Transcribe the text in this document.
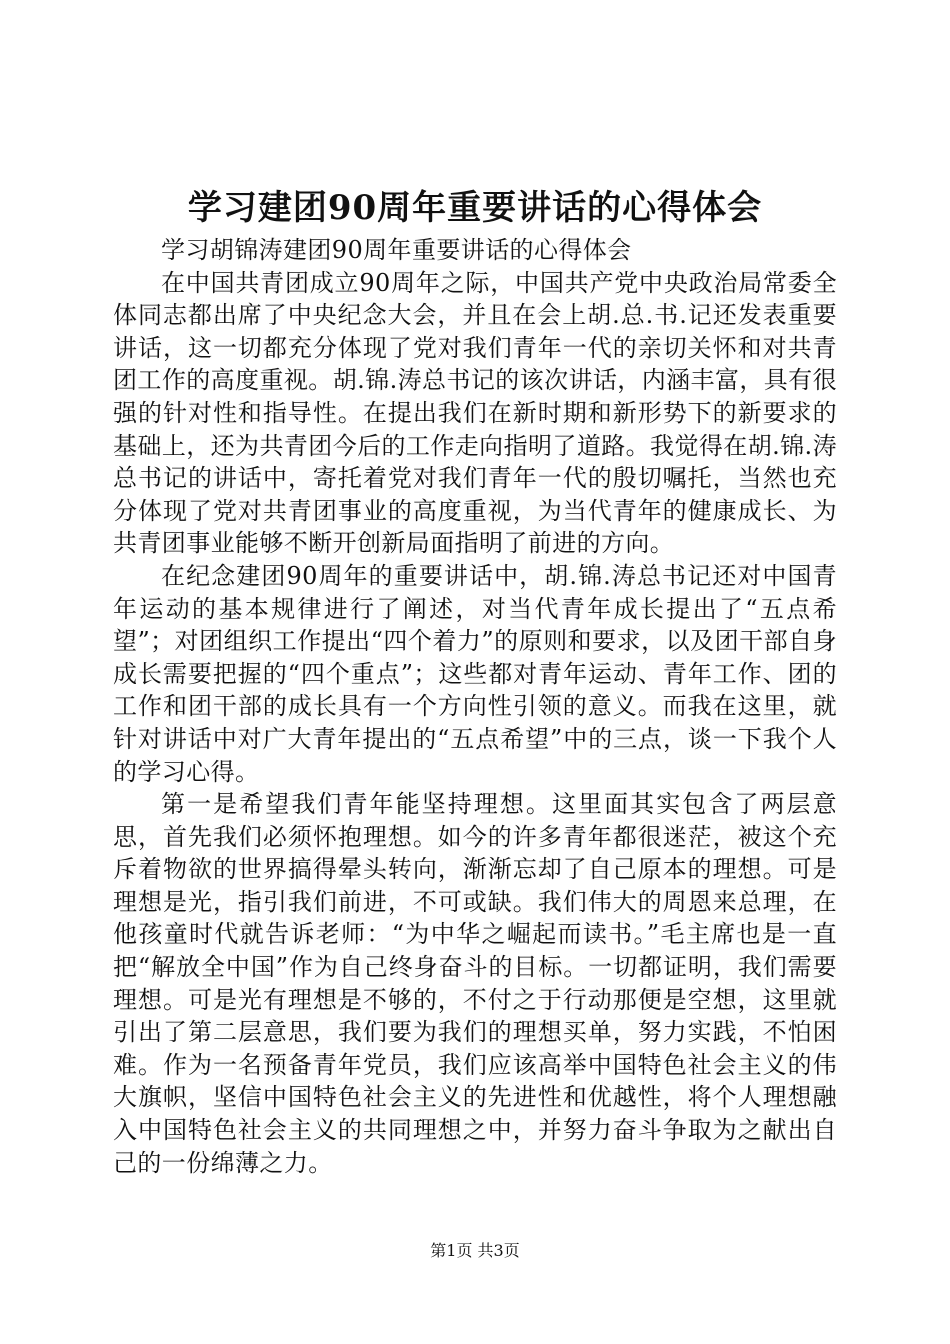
学习建团90周年重要讲话的心得体会

学习胡锦涛建团90周年重要讲话的心得体会

在中国共青团成立90周年之际，中国共产党中央政治局常委全体同志都出席了中央纪念大会，并且在会上胡.总.书.记还发表重要讲话，这一切都充分体现了党对我们青年一代的亲切关怀和对共青团工作的高度重视。胡.锦.涛总书记的该次讲话，内涵丰富，具有很强的针对性和指导性。在提出我们在新时期和新形势下的新要求的基础上，还为共青团今后的工作走向指明了道路。我觉得在胡.锦.涛总书记的讲话中，寄托着党对我们青年一代的殷切嘱托，当然也充分体现了党对共青团事业的高度重视，为当代青年的健康成长、为共青团事业能够不断开创新局面指明了前进的方向。

在纪念建团90周年的重要讲话中，胡.锦.涛总书记还对中国青年运动的基本规律进行了阐述，对当代青年成长提出了“五点希望”；对团组织工作提出“四个着力”的原则和要求，以及团干部自身成长需要把握的“四个重点”；这些都对青年运动、青年工作、团的工作和团干部的成长具有一个方向性引领的意义。而我在这里，就针对讲话中对广大青年提出的“五点希望”中的三点，谈一下我个人的学习心得。

第一是希望我们青年能坚持理想。这里面其实包含了两层意思，首先我们必须怀抱理想。如今的许多青年都很迷茫，被这个充斥着物欲的世界搞得晕头转向，渐渐忘却了自己原本的理想。可是理想是光，指引我们前进，不可或缺。我们伟大的周恩来总理，在他孩童时代就告诉老师：“为中华之崛起而读书。”毛主席也是一直把“解放全中国”作为自己终身奋斗的目标。一切都证明，我们需要理想。可是光有理想是不够的，不付之于行动那便是空想，这里就引出了第二层意思，我们要为我们的理想买单，努力实践，不怕困难。作为一名预备青年党员，我们应该高举中国特色社会主义的伟大旗帜，坚信中国特色社会主义的先进性和优越性，将个人理想融入中国特色社会主义的共同理想之中，并努力奋斗争取为之献出自己的一份绵薄之力。

第1页 共3页
